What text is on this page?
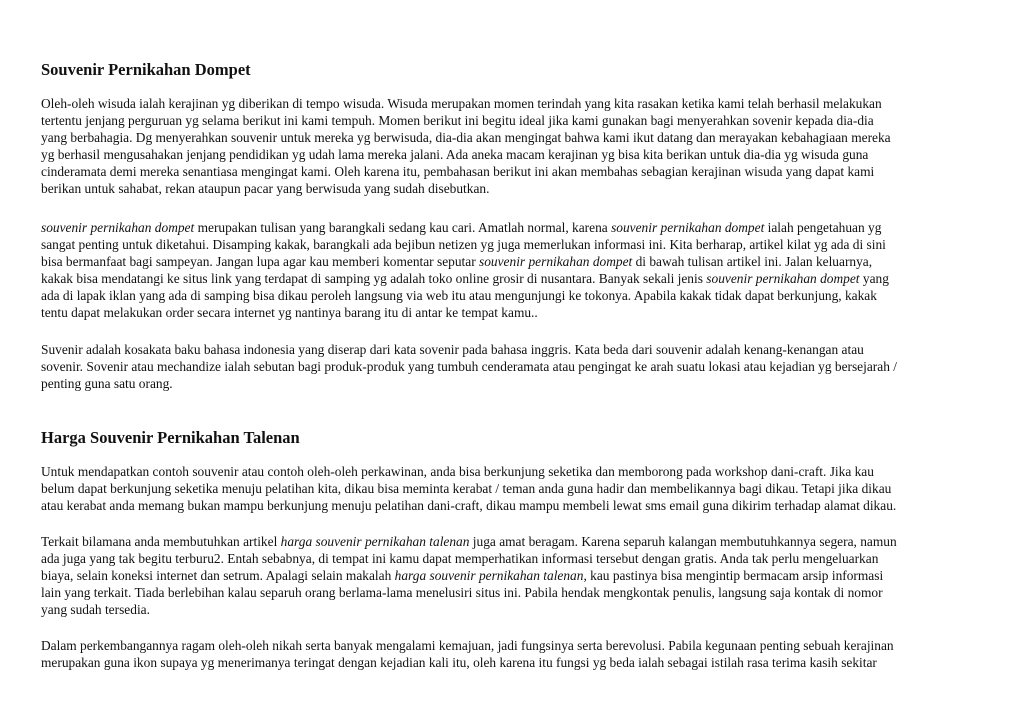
Souvenir Pernikahan Dompet

Oleh-oleh wisuda ialah kerajinan yg diberikan di tempo wisuda. Wisuda merupakan momen terindah yang kita rasakan ketika kami telah berhasil melakukan
tertentu jenjang perguruan yg selama berikut ini kami tempuh. Momen berikut ini begitu ideal jika kami gunakan bagi menyerahkan sovenir kepada dia-dia
yang berbahagia. Dg menyerahkan souvenir untuk mereka yg berwisuda, dia-dia akan mengingat bahwa kami ikut datang dan merayakan kebahagiaan mereka
yg berhasil mengusahakan jenjang pendidikan yg udah lama mereka jalani. Ada aneka macam kerajinan yg bisa kita berikan untuk dia-dia yg wisuda guna
cinderamata demi mereka senantiasa mengingat kami. Oleh karena itu, pembahasan berikut ini akan membahas sebagian kerajinan wisuda yang dapat kami
berikan untuk sahabat, rekan ataupun pacar yang berwisuda yang sudah disebutkan.

souvenir pernikahan dompet merupakan tulisan yang barangkali sedang kau cari. Amatlah normal, karena souvenir pernikahan dompet ialah pengetahuan yg
sangat penting untuk diketahui. Disamping kakak, barangkali ada bejibun netizen yg juga memerlukan informasi ini. Kita berharap, artikel kilat yg ada di sini
bisa bermanfaat bagi sampeyan. Jangan lupa agar kau memberi komentar seputar souvenir pernikahan dompet di bawah tulisan artikel ini. Jalan keluarnya,
kakak bisa mendatangi ke situs link yang terdapat di samping yg adalah toko online grosir di nusantara. Banyak sekali jenis souvenir pernikahan dompet yang
ada di lapak iklan yang ada di samping bisa dikau peroleh langsung via web itu atau mengunjungi ke tokonya. Apabila kakak tidak dapat berkunjung, kakak
tentu dapat melakukan order secara internet yg nantinya barang itu di antar ke tempat kamu..

Suvenir adalah kosakata baku bahasa indonesia yang diserap dari kata sovenir pada bahasa inggris. Kata beda dari souvenir adalah kenang-kenangan atau
sovenir. Sovenir atau mechandize ialah sebutan bagi produk-produk yang tumbuh cenderamata atau pengingat ke arah suatu lokasi atau kejadian yg bersejarah /
penting guna satu orang.

Harga Souvenir Pernikahan Talenan

Untuk mendapatkan contoh souvenir atau contoh oleh-oleh perkawinan, anda bisa berkunjung seketika dan memborong pada workshop dani-craft. Jika kau
belum dapat berkunjung seketika menuju pelatihan kita, dikau bisa meminta kerabat / teman anda guna hadir dan membelikannya bagi dikau. Tetapi jika dikau
atau kerabat anda memang bukan mampu berkunjung menuju pelatihan dani-craft, dikau mampu membeli lewat sms email guna dikirim terhadap alamat dikau.

Terkait bilamana anda membutuhkan artikel harga souvenir pernikahan talenan juga amat beragam. Karena separuh kalangan membutuhkannya segera, namun
ada juga yang tak begitu terburu2. Entah sebabnya, di tempat ini kamu dapat memperhatikan informasi tersebut dengan gratis. Anda tak perlu mengeluarkan
biaya, selain koneksi internet dan setrum. Apalagi selain makalah harga souvenir pernikahan talenan, kau pastinya bisa mengintip bermacam arsip informasi
lain yang terkait. Tiada berlebihan kalau separuh orang berlama-lama menelusiri situs ini. Pabila hendak mengkontak penulis, langsung saja kontak di nomor
yang sudah tersedia.

Dalam perkembangannya ragam oleh-oleh nikah serta banyak mengalami kemajuan, jadi fungsinya serta berevolusi. Pabila kegunaan penting sebuah kerajinan
merupakan guna ikon supaya yg menerimanya teringat dengan kejadian kali itu, oleh karena itu fungsi yg beda ialah sebagai istilah rasa terima kasih sekitar
